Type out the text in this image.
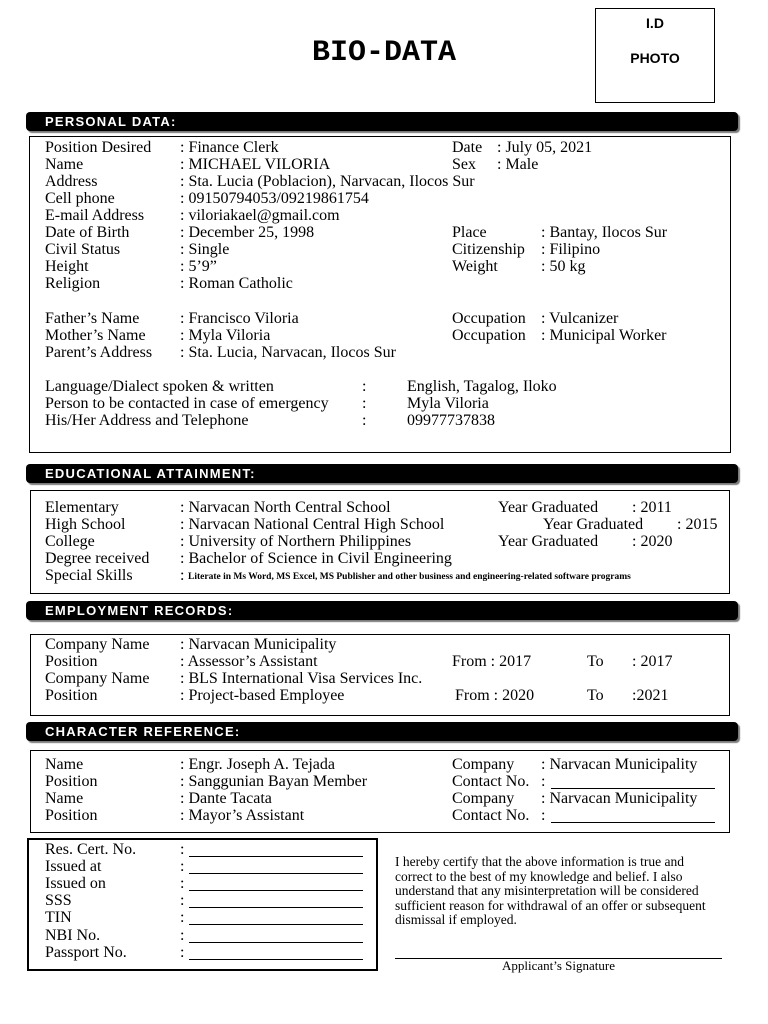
BIO-DATA
I.D
PHOTO
PERSONAL DATA:
Position Desired : Finance Clerk	Date : July 05, 2021
Name	: MICHAEL VILORIA	Sex : Male
Address	: Sta. Lucia (Poblacion), Narvacan, Ilocos Sur
Cell phone	: 09150794053/09219861754
E-mail Address : viloriakael@gmail.com
Date of Birth	: December 25, 1998	Place	: Bantay, Ilocos Sur
Civil Status	: Single	Citizenship : Filipino
Height	: 5’9”	Weight	: 50 kg
Religion	: Roman Catholic
Father’s Name	: Francisco Viloria	Occupation : Vulcanizer
Mother’s Name : Myla Viloria	Occupation : Municipal Worker
Parent’s Address : Sta. Lucia, Narvacan, Ilocos Sur
Language/Dialect spoken & written	:	English, Tagalog, Iloko
Person to be contacted in case of emergency :	Myla Viloria
His/Her Address and Telephone	:	09977737838
EDUCATIONAL ATTAINMENT:
Elementary	: Narvacan North Central School	Year Graduated : 2011
High School	: Narvacan National Central High School	Year Graduated : 2015
College	: University of Northern Philippines	Year Graduated : 2020
Degree received : Bachelor of Science in Civil Engineering
Special Skills	: Literate in Ms Word, MS Excel, MS Publisher and other business and engineering-related software programs
EMPLOYMENT RECORDS:
Company Name : Narvacan Municipality
Position	: Assessor’s Assistant	From : 2017	To : 2017
Company Name : BLS International Visa Services Inc.
Position	: Project-based Employee	From : 2020	To :2021
CHARACTER REFERENCE:
Name	: Engr. Joseph A. Tejada	Company : Narvacan Municipality
Position	: Sanggunian Bayan Member	Contact No. :
Name	: Dante Tacata	Company : Narvacan Municipality
Position	: Mayor’s Assistant	Contact No. :
Res. Cert. No.	:
Issued at	:
Issued on	:
SSS	:
TIN	:
NBI No.	:
Passport No.	:
I hereby certify that the above information is true and
correct to the best of my knowledge and belief. I also
understand that any misinterpretation will be considered
sufficient reason for withdrawal of an offer or subsequent
dismissal if employed.
Applicant’s Signature
